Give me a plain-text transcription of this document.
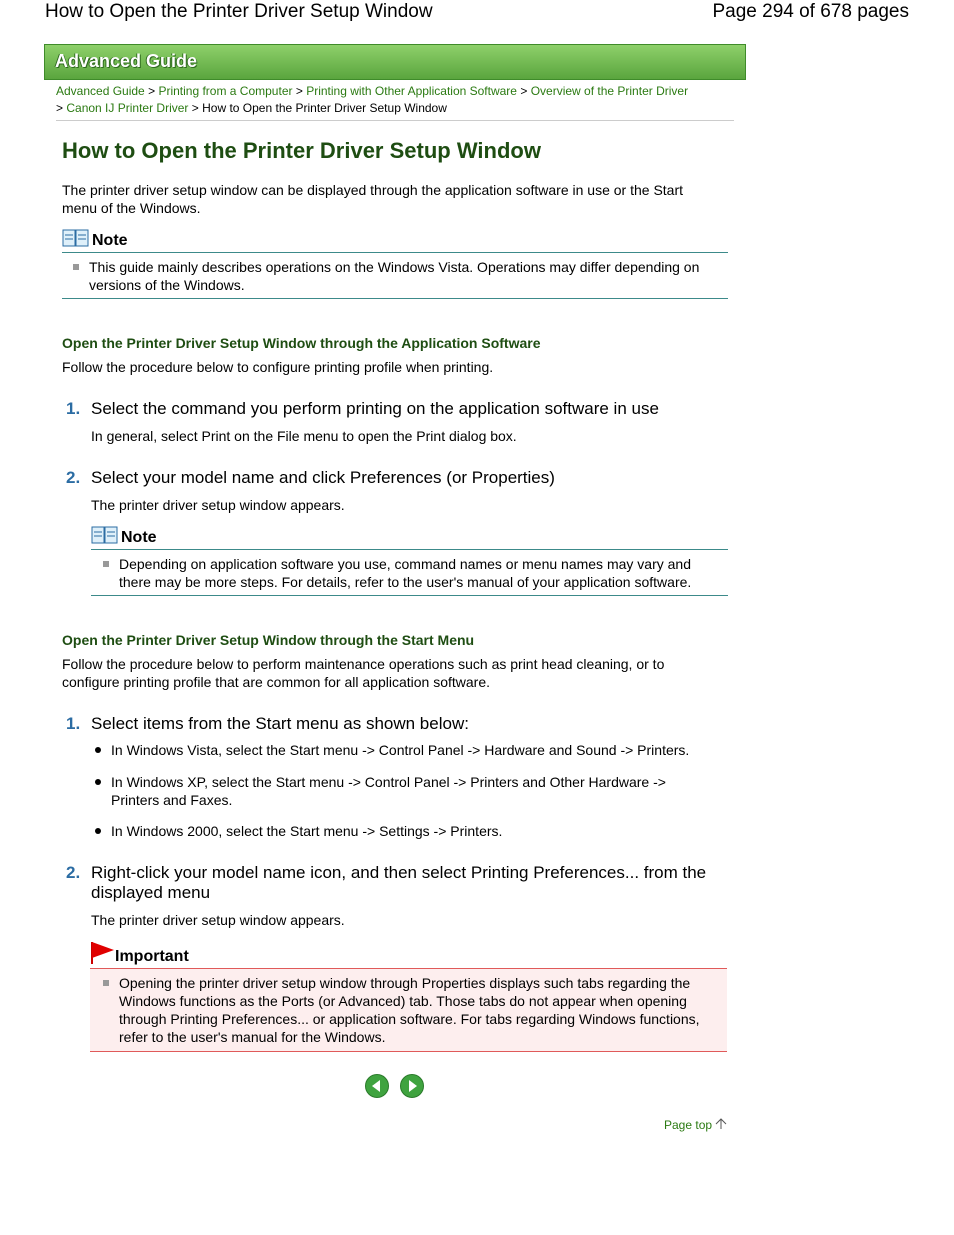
How to Open the Printer Driver Setup Window	Page 294 of 678 pages
Advanced Guide
Advanced Guide > Printing from a Computer > Printing with Other Application Software > Overview of the Printer Driver
> Canon IJ Printer Driver > How to Open the Printer Driver Setup Window
How to Open the Printer Driver Setup Window
The printer driver setup window can be displayed through the application software in use or the Start menu of the Windows.
Note
This guide mainly describes operations on the Windows Vista. Operations may differ depending on versions of the Windows.
Open the Printer Driver Setup Window through the Application Software
Follow the procedure below to configure printing profile when printing.
1. Select the command you perform printing on the application software in use
In general, select Print on the File menu to open the Print dialog box.
2. Select your model name and click Preferences (or Properties)
The printer driver setup window appears.
Note
Depending on application software you use, command names or menu names may vary and there may be more steps. For details, refer to the user's manual of your application software.
Open the Printer Driver Setup Window through the Start Menu
Follow the procedure below to perform maintenance operations such as print head cleaning, or to configure printing profile that are common for all application software.
1. Select items from the Start menu as shown below:
In Windows Vista, select the Start menu -> Control Panel -> Hardware and Sound -> Printers.
In Windows XP, select the Start menu -> Control Panel -> Printers and Other Hardware -> Printers and Faxes.
In Windows 2000, select the Start menu -> Settings -> Printers.
2. Right-click your model name icon, and then select Printing Preferences... from the displayed menu
The printer driver setup window appears.
Important
Opening the printer driver setup window through Properties displays such tabs regarding the Windows functions as the Ports (or Advanced) tab. Those tabs do not appear when opening through Printing Preferences... or application software. For tabs regarding Windows functions, refer to the user's manual for the Windows.
Page top
